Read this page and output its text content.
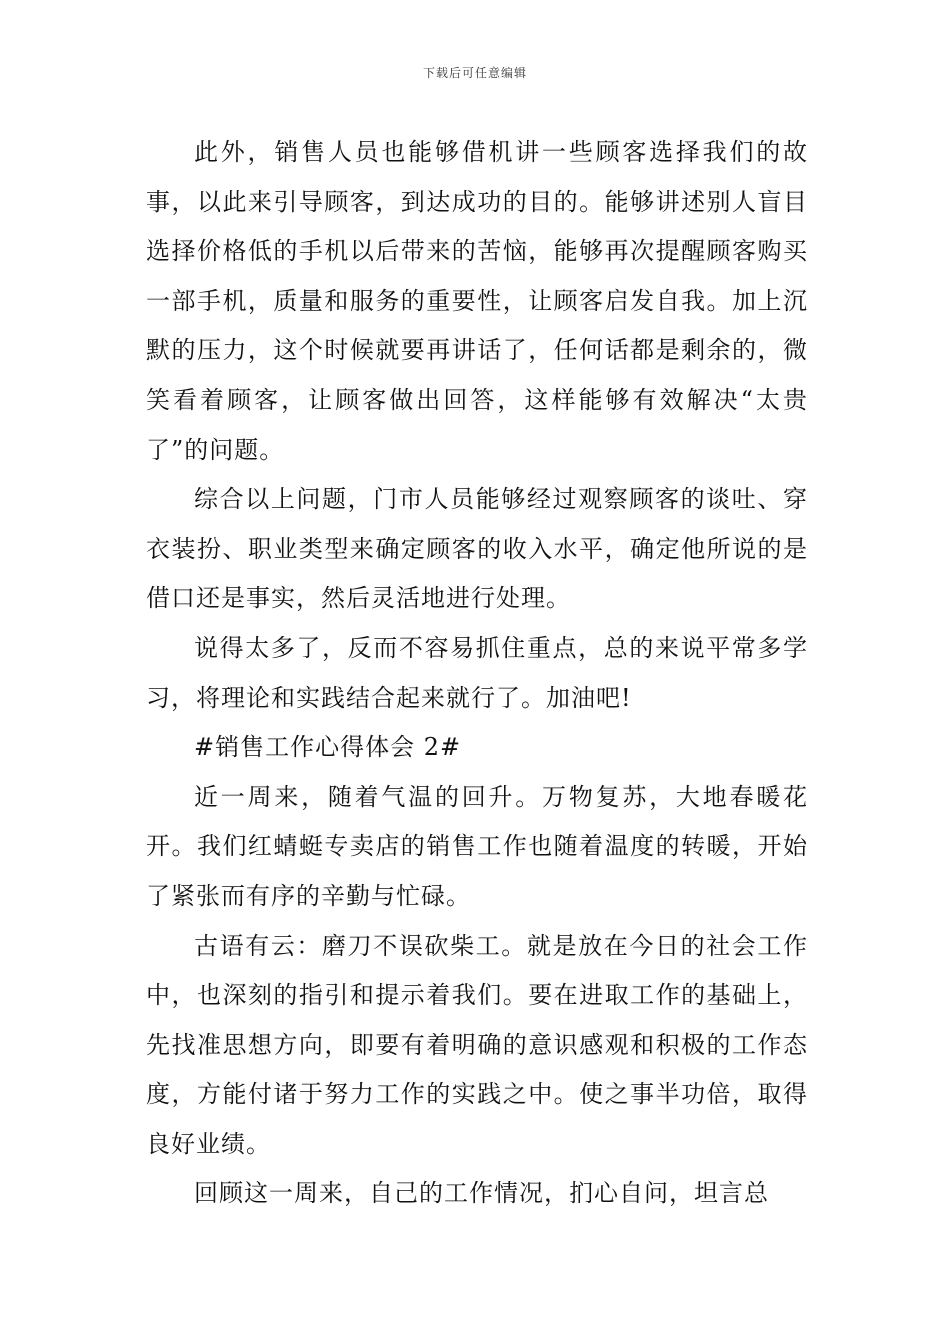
下载后可任意编辑

此外，销售人员也能够借机讲一些顾客选择我们的故事，以此来引导顾客，到达成功的目的。能够讲述别人盲目选择价格低的手机以后带来的苦恼，能够再次提醒顾客购买一部手机，质量和服务的重要性，让顾客启发自我。加上沉默的压力，这个时候就要再讲话了，任何话都是剩余的，微笑看着顾客，让顾客做出回答，这样能够有效解决“太贵了”的问题。

综合以上问题，门市人员能够经过观察顾客的谈吐、穿衣装扮、职业类型来确定顾客的收入水平，确定他所说的是借口还是事实，然后灵活地进行处理。

说得太多了，反而不容易抓住重点，总的来说平常多学习，将理论和实践结合起来就行了。加油吧!

#销售工作心得体会 2#

近一周来，随着气温的回升。万物复苏，大地春暖花开。我们红蜻蜓专卖店的销售工作也随着温度的转暖，开始了紧张而有序的辛勤与忙碌。

古语有云：磨刀不误砍柴工。就是放在今日的社会工作中，也深刻的指引和提示着我们。要在进取工作的基础上，先找准思想方向，即要有着明确的意识感观和积极的工作态度，方能付诸于努力工作的实践之中。使之事半功倍，取得良好业绩。

回顾这一周来，自己的工作情况，扪心自问，坦言总
